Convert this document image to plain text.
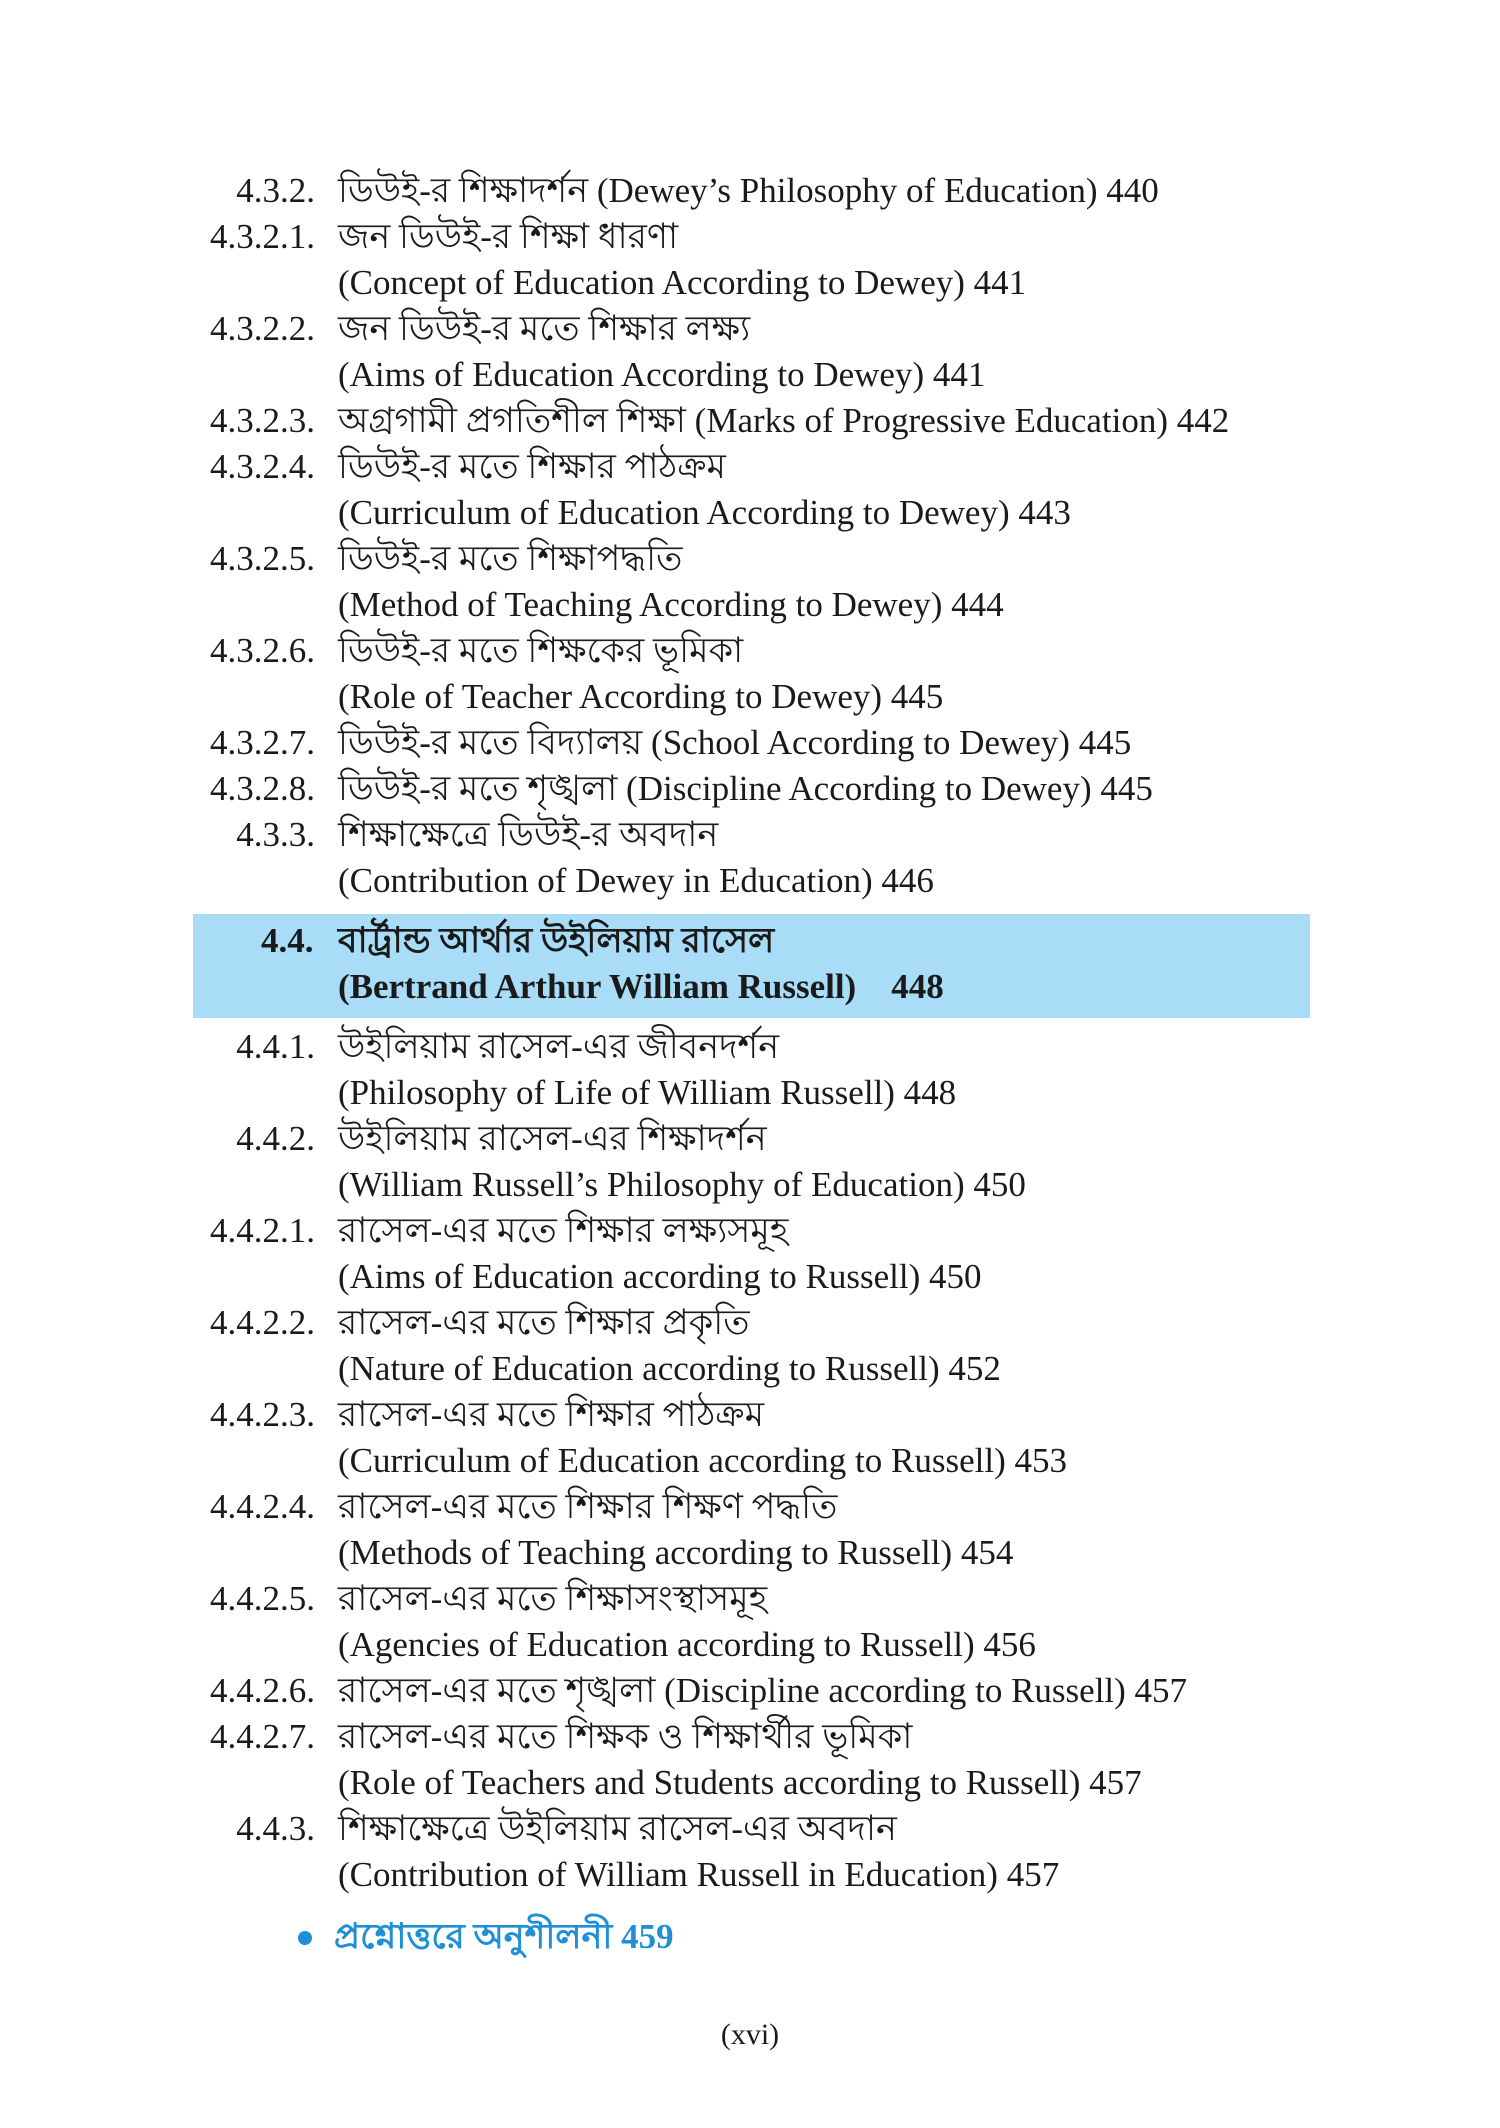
4.3.2. ডিউই-র শিক্ষাদর্শন (Dewey’s Philosophy of Education) 440
4.3.2.1. জন ডিউই-র শিক্ষা ধারণা
(Concept of Education According to Dewey) 441
4.3.2.2. জন ডিউই-র মতে শিক্ষার লক্ষ্য
(Aims of Education According to Dewey) 441
4.3.2.3. অগ্রগামী প্রগতিশীল শিক্ষা (Marks of Progressive Education) 442
4.3.2.4. ডিউই-র মতে শিক্ষার পাঠক্রম
(Curriculum of Education According to Dewey) 443
4.3.2.5. ডিউই-র মতে শিক্ষাপদ্ধতি
(Method of Teaching According to Dewey) 444
4.3.2.6. ডিউই-র মতে শিক্ষকের ভূমিকা
(Role of Teacher According to Dewey) 445
4.3.2.7. ডিউই-র মতে বিদ্যালয় (School According to Dewey) 445
4.3.2.8. ডিউই-র মতে শৃঙ্খলা (Discipline According to Dewey) 445
4.3.3. শিক্ষাক্ষেত্রে ডিউই-র অবদান
(Contribution of Dewey in Education) 446
4.4. বার্ট্রান্ড আর্থার উইলিয়াম রাসেল
(Bertrand Arthur William Russell)    448
4.4.1. উইলিয়াম রাসেল-এর জীবনদর্শন
(Philosophy of Life of William Russell) 448
4.4.2. উইলিয়াম রাসেল-এর শিক্ষাদর্শন
(William Russell’s Philosophy of Education) 450
4.4.2.1. রাসেল-এর মতে শিক্ষার লক্ষ্যসমূহ
(Aims of Education according to Russell) 450
4.4.2.2. রাসেল-এর মতে শিক্ষার প্রকৃতি
(Nature of Education according to Russell) 452
4.4.2.3. রাসেল-এর মতে শিক্ষার পাঠক্রম
(Curriculum of Education according to Russell) 453
4.4.2.4. রাসেল-এর মতে শিক্ষার শিক্ষণ পদ্ধতি
(Methods of Teaching according to Russell) 454
4.4.2.5. রাসেল-এর মতে শিক্ষাসংস্থাসমূহ
(Agencies of Education according to Russell) 456
4.4.2.6. রাসেল-এর মতে শৃঙ্খলা (Discipline according to Russell) 457
4.4.2.7. রাসেল-এর মতে শিক্ষক ও শিক্ষার্থীর ভূমিকা
(Role of Teachers and Students according to Russell) 457
4.4.3. শিক্ষাক্ষেত্রে উইলিয়াম রাসেল-এর অবদান
(Contribution of William Russell in Education) 457
প্রশ্নোত্তরে অনুশীলনী 459
(xvi)
